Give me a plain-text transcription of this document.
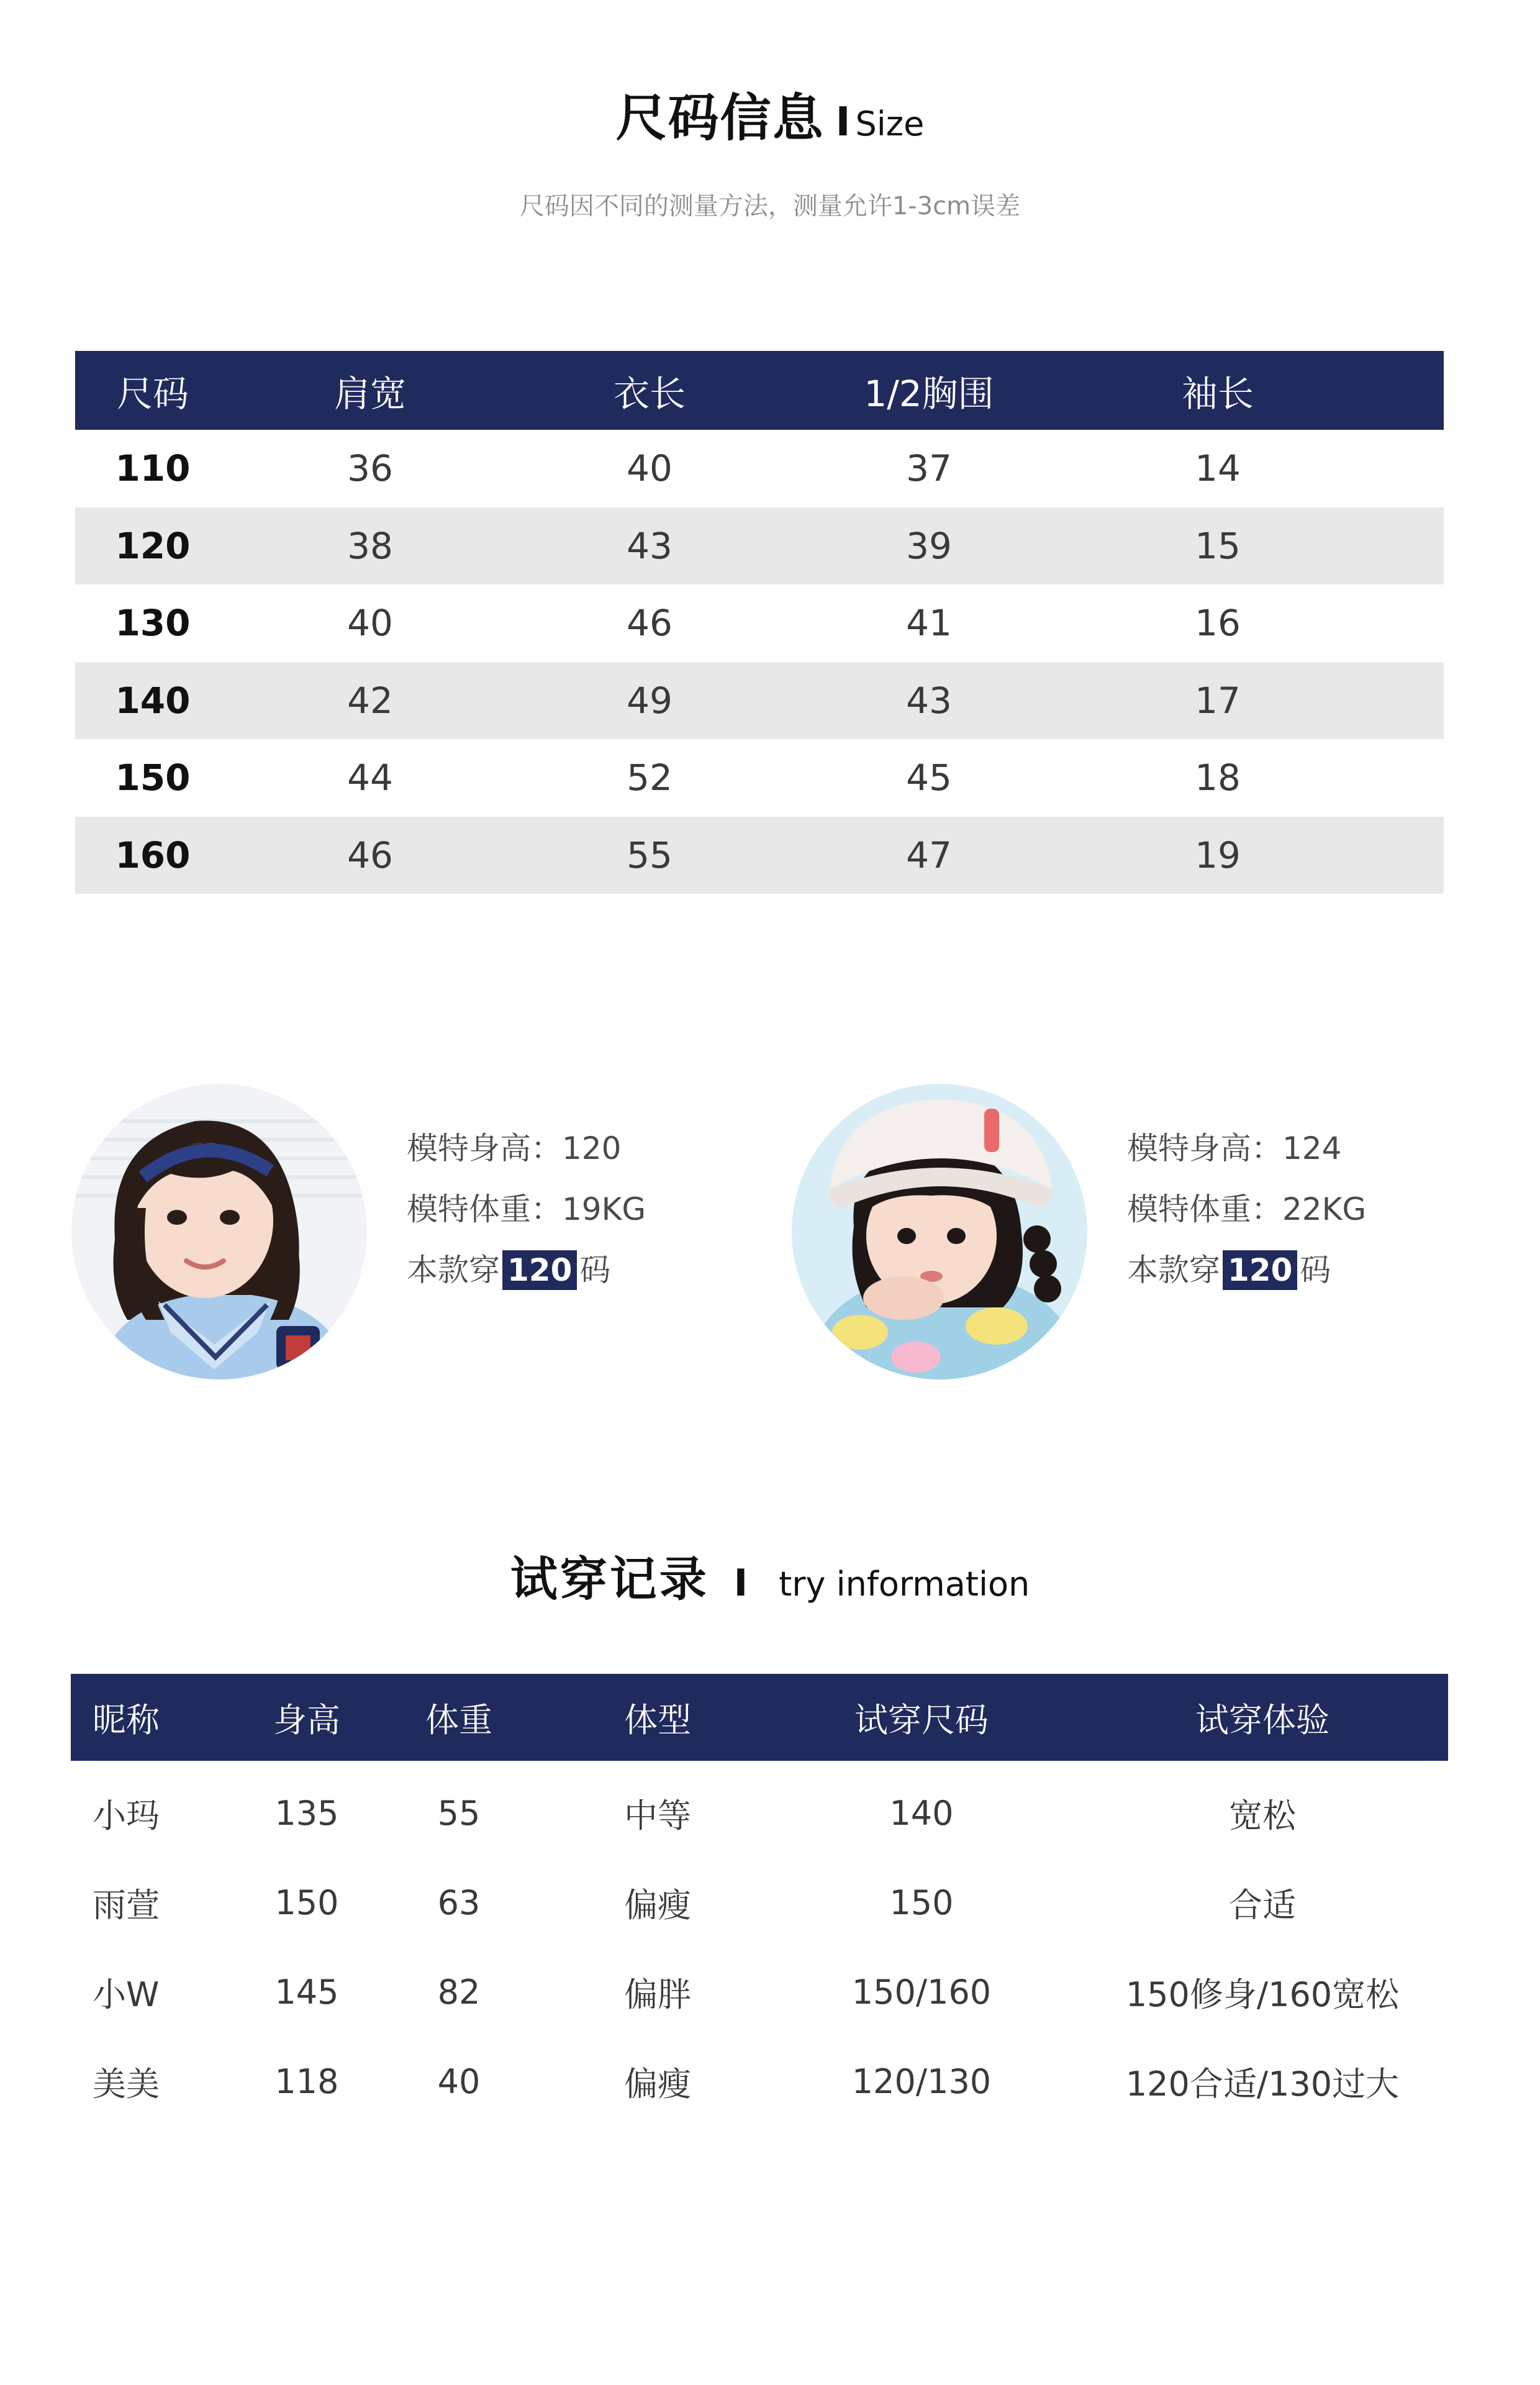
尺码信息 I Size
尺码因不同的测量方法，测量允许1-3cm误差
尺码	肩宽	衣长	1/2胸围	袖长
110	36	40	37	14
120	38	43	39	15
130	40	46	41	16
140	42	49	43	17
150	44	52	45	18
160	46	55	47	19
模特身高：120
模特体重：19KG
本款穿 120 码
模特身高：124
模特体重：22KG
本款穿 120 码
试穿记录 I try information
昵称	身高	体重	体型	试穿尺码	试穿体验
小玛	135	55	中等	140	宽松
雨萱	150	63	偏瘦	150	合适
小W	145	82	偏胖	150/160	150修身/160宽松
美美	118	40	偏瘦	120/130	120合适/130过大
